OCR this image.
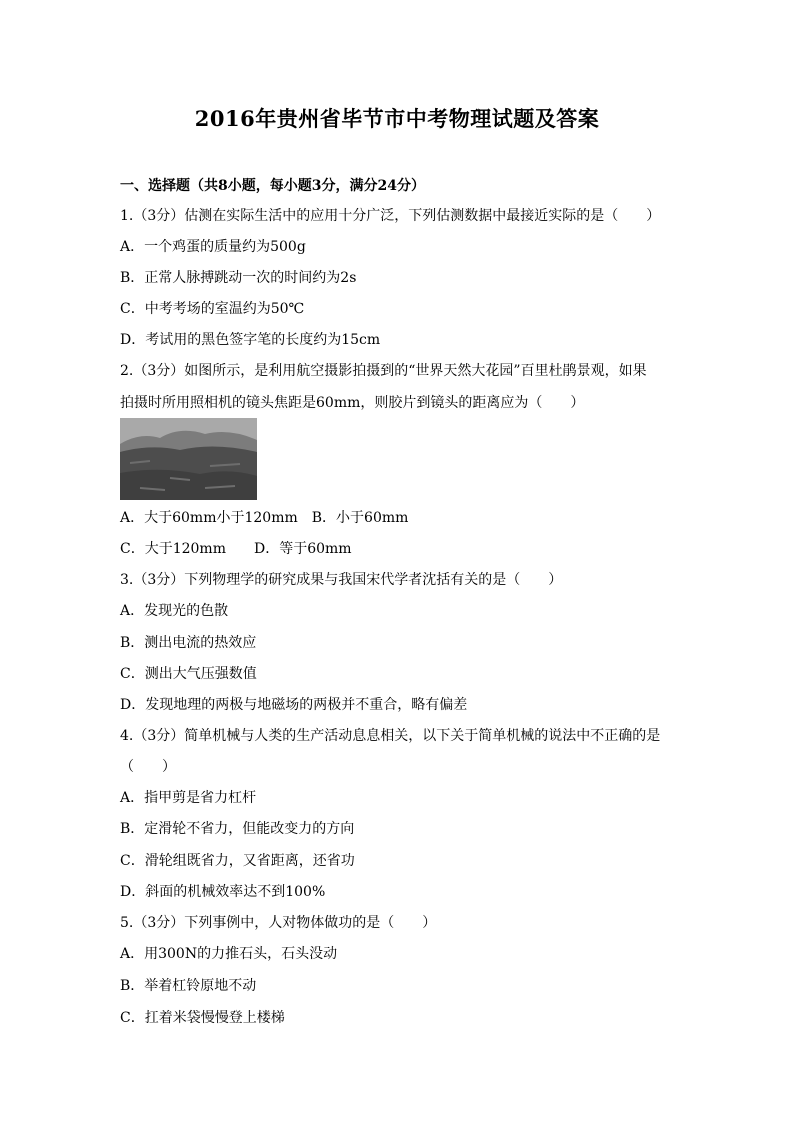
2016年贵州省毕节市中考物理试题及答案
一、选择题（共8小题，每小题3分，满分24分）
1.（3分）估测在实际生活中的应用十分广泛，下列估测数据中最接近实际的是（　　）
A．一个鸡蛋的质量约为500g
B．正常人脉搏跳动一次的时间约为2s
C．中考考场的室温约为50℃
D．考试用的黑色签字笔的长度约为15cm
2.（3分）如图所示，是利用航空摄影拍摄到的“世界天然大花园”百里杜鹃景观，如果
拍摄时所用照相机的镜头焦距是60mm，则胶片到镜头的距离应为（　　）
A．大于60mm小于120mm　B．小于60mm
C．大于120mm　　D．等于60mm
3.（3分）下列物理学的研究成果与我国宋代学者沈括有关的是（　　）
A．发现光的色散
B．测出电流的热效应
C．测出大气压强数值
D．发现地理的两极与地磁场的两极并不重合，略有偏差
4.（3分）简单机械与人类的生产活动息息相关，以下关于简单机械的说法中不正确的是
（　　）
A．指甲剪是省力杠杆
B．定滑轮不省力，但能改变力的方向
C．滑轮组既省力，又省距离，还省功
D．斜面的机械效率达不到100%
5.（3分）下列事例中，人对物体做功的是（　　）
A．用300N的力推石头，石头没动
B．举着杠铃原地不动
C．扛着米袋慢慢登上楼梯
